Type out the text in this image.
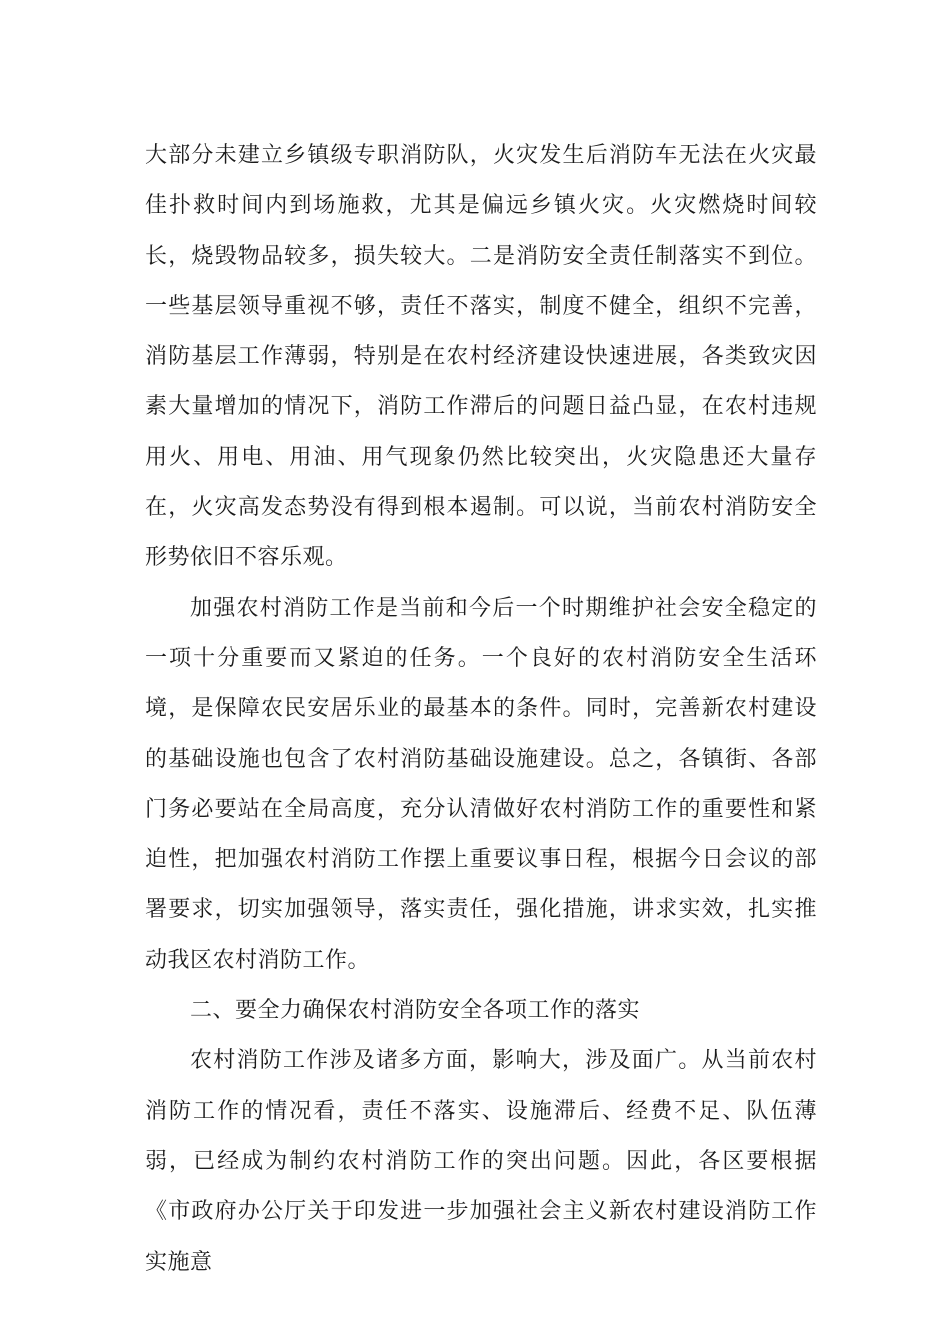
大部分未建立乡镇级专职消防队，火灾发生后消防车无法在火灾最佳扑救时间内到场施救，尤其是偏远乡镇火灾。火灾燃烧时间较长，烧毁物品较多，损失较大。二是消防安全责任制落实不到位。一些基层领导重视不够，责任不落实，制度不健全，组织不完善，消防基层工作薄弱，特别是在农村经济建设快速进展，各类致灾因素大量增加的情况下，消防工作滞后的问题日益凸显，在农村违规用火、用电、用油、用气现象仍然比较突出，火灾隐患还大量存在，火灾高发态势没有得到根本遏制。可以说，当前农村消防安全形势依旧不容乐观。

加强农村消防工作是当前和今后一个时期维护社会安全稳定的一项十分重要而又紧迫的任务。一个良好的农村消防安全生活环境，是保障农民安居乐业的最基本的条件。同时，完善新农村建设的基础设施也包含了农村消防基础设施建设。总之，各镇街、各部门务必要站在全局高度，充分认清做好农村消防工作的重要性和紧迫性，把加强农村消防工作摆上重要议事日程，根据今日会议的部署要求，切实加强领导，落实责任，强化措施，讲求实效，扎实推动我区农村消防工作。

二、要全力确保农村消防安全各项工作的落实

农村消防工作涉及诸多方面，影响大，涉及面广。从当前农村消防工作的情况看，责任不落实、设施滞后、经费不足、队伍薄弱，已经成为制约农村消防工作的突出问题。因此，各区要根据《市政府办公厅关于印发进一步加强社会主义新农村建设消防工作实施意
